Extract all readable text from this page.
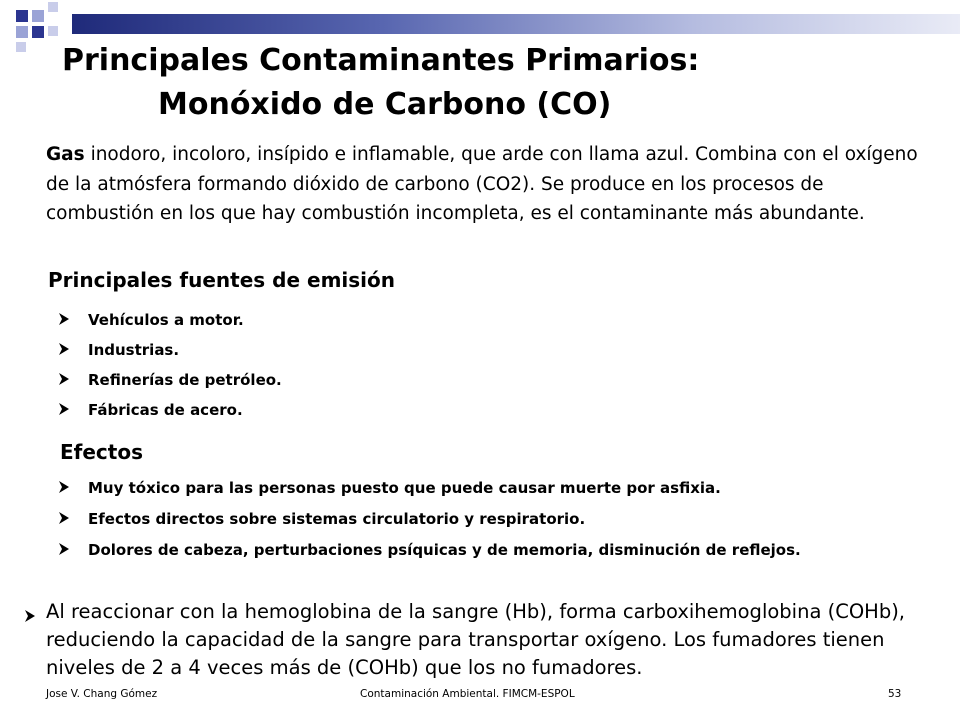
Principales Contaminantes Primarios:
Monóxido de Carbono (CO)

Gas inodoro, incoloro, insípido e inflamable, que arde con llama azul. Combina con el oxígeno de la atmósfera formando dióxido de carbono (CO2). Se produce en los procesos de combustión en los que hay combustión incompleta, es el contaminante más abundante.

Principales fuentes de emisión
Vehículos a motor.
Industrias.
Refinerías de petróleo.
Fábricas de acero.
Efectos
Muy tóxico para las personas puesto que puede causar muerte por asfixia.
Efectos directos sobre sistemas circulatorio y respiratorio.
Dolores de cabeza, perturbaciones psíquicas y de memoria, disminución de reflejos.

Al reaccionar con la hemoglobina de la sangre (Hb), forma carboxihemoglobina (COHb), reduciendo la capacidad de la sangre para transportar oxígeno. Los fumadores tienen niveles de 2 a 4 veces más de (COHb) que los no fumadores.

Jose V. Chang Gómez	Contaminación Ambiental. FIMCM-ESPOL	53
